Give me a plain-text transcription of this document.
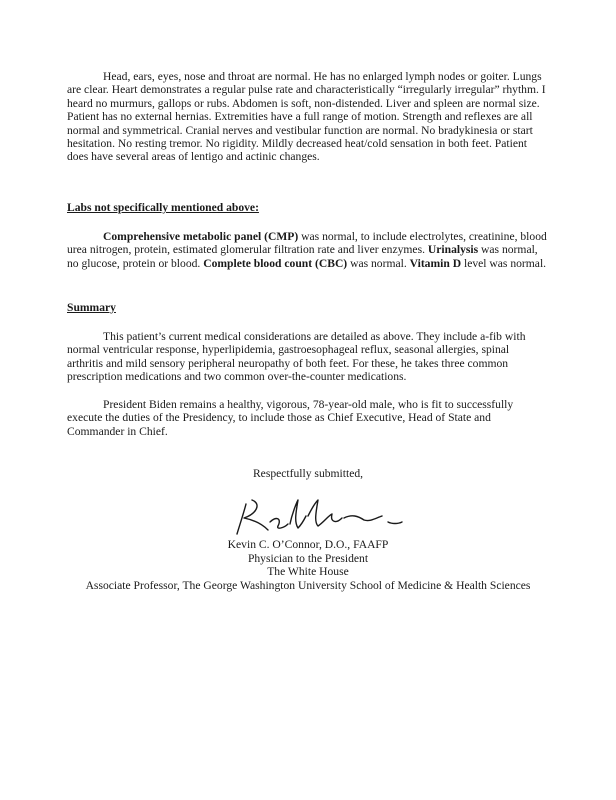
Head, ears, eyes, nose and throat are normal. He has no enlarged lymph nodes or goiter. Lungs are clear. Heart demonstrates a regular pulse rate and characteristically “irregularly irregular” rhythm. I heard no murmurs, gallops or rubs. Abdomen is soft, non-distended. Liver and spleen are normal size. Patient has no external hernias. Extremities have a full range of motion. Strength and reflexes are all normal and symmetrical. Cranial nerves and vestibular function are normal. No bradykinesia or start hesitation. No resting tremor. No rigidity. Mildly decreased heat/cold sensation in both feet. Patient does have several areas of lentigo and actinic changes.

Labs not specifically mentioned above:

Comprehensive metabolic panel (CMP) was normal, to include electrolytes, creatinine, blood urea nitrogen, protein, estimated glomerular filtration rate and liver enzymes. Urinalysis was normal, no glucose, protein or blood. Complete blood count (CBC) was normal. Vitamin D level was normal.

Summary

This patient’s current medical considerations are detailed as above. They include a-fib with normal ventricular response, hyperlipidemia, gastroesophageal reflux, seasonal allergies, spinal arthritis and mild sensory peripheral neuropathy of both feet. For these, he takes three common prescription medications and two common over-the-counter medications.

President Biden remains a healthy, vigorous, 78-year-old male, who is fit to successfully execute the duties of the Presidency, to include those as Chief Executive, Head of State and Commander in Chief.

Respectfully submitted,
Kevin C. O’Connor, D.O., FAAFP
Physician to the President
The White House
Associate Professor, The George Washington University School of Medicine & Health Sciences
